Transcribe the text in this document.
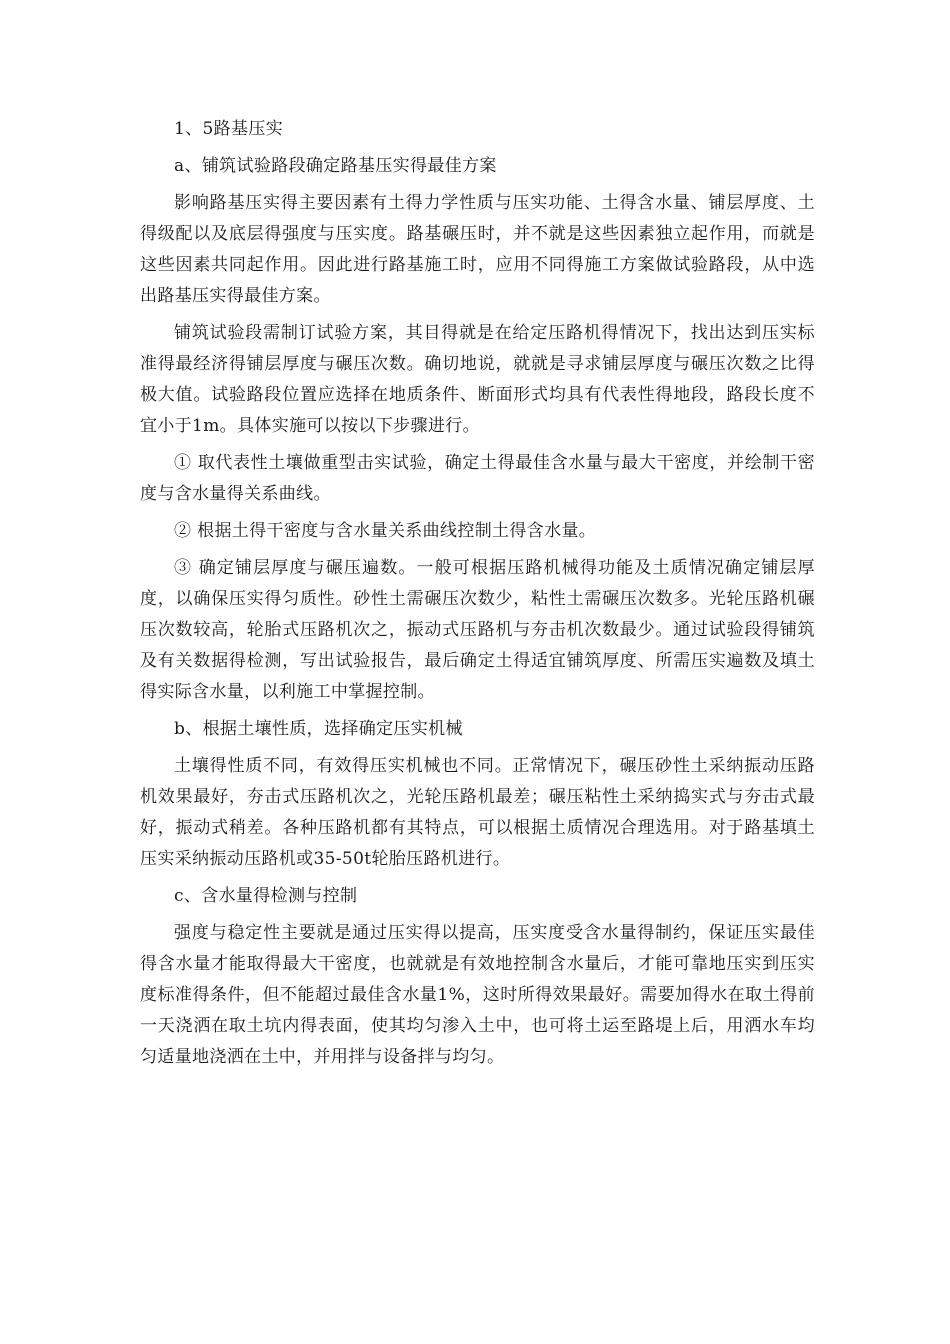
1、5路基压实

a、铺筑试验路段确定路基压实得最佳方案

影响路基压实得主要因素有土得力学性质与压实功能、土得含水量、铺层厚度、土得级配以及底层得强度与压实度。路基碾压时，并不就是这些因素独立起作用，而就是这些因素共同起作用。因此进行路基施工时，应用不同得施工方案做试验路段，从中选出路基压实得最佳方案。

铺筑试验段需制订试验方案，其目得就是在给定压路机得情况下，找出达到压实标准得最经济得铺层厚度与碾压次数。确切地说，就就是寻求铺层厚度与碾压次数之比得极大值。试验路段位置应选择在地质条件、断面形式均具有代表性得地段，路段长度不宜小于1m。具体实施可以按以下步骤进行。

① 取代表性土壤做重型击实试验，确定土得最佳含水量与最大干密度，并绘制干密度与含水量得关系曲线。

② 根据土得干密度与含水量关系曲线控制土得含水量。

③ 确定铺层厚度与碾压遍数。一般可根据压路机械得功能及土质情况确定铺层厚度，以确保压实得匀质性。砂性土需碾压次数少，粘性土需碾压次数多。光轮压路机碾压次数较高，轮胎式压路机次之，振动式压路机与夯击机次数最少。通过试验段得铺筑及有关数据得检测，写出试验报告，最后确定土得适宜铺筑厚度、所需压实遍数及填土得实际含水量，以利施工中掌握控制。

b、根据土壤性质，选择确定压实机械

土壤得性质不同，有效得压实机械也不同。正常情况下，碾压砂性土采纳振动压路机效果最好，夯击式压路机次之，光轮压路机最差；碾压粘性土采纳捣实式与夯击式最好，振动式稍差。各种压路机都有其特点，可以根据土质情况合理选用。对于路基填土压实采纳振动压路机或35-50t轮胎压路机进行。

c、含水量得检测与控制

强度与稳定性主要就是通过压实得以提高，压实度受含水量得制约，保证压实最佳得含水量才能取得最大干密度，也就就是有效地控制含水量后，才能可靠地压实到压实度标准得条件，但不能超过最佳含水量1%，这时所得效果最好。需要加得水在取土得前一天浇洒在取土坑内得表面，使其均匀渗入土中，也可将土运至路堤上后，用洒水车均匀适量地浇洒在土中，并用拌与设备拌与均匀。
